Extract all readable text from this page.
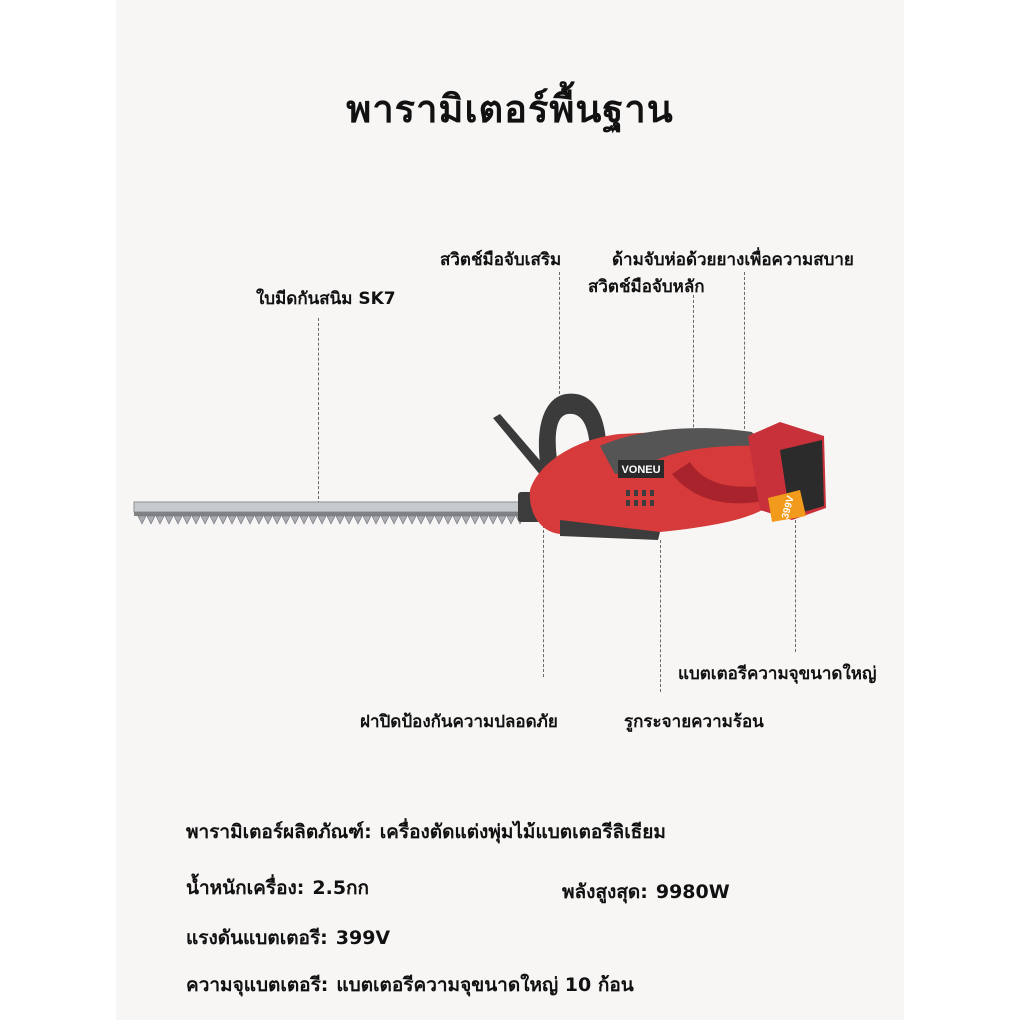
พารามิเตอร์พื้นฐาน
สวิตช์มือจับเสริม	ด้ามจับห่อด้วยยางเพื่อความสบาย
ใบมีดกันสนิม SK7
สวิตช์มือจับหลัก
แบตเตอรีความจุขนาดใหญ่
ฝาปิดป้องกันความปลอดภัย	รูกระจายความร้อน
VONEU
399V
พารามิเตอร์ผลิตภัณฑ์: เครื่องตัดแต่งพุ่มไม้แบตเตอรีลิเธียม
น้ำหนักเครื่อง: 2.5กก	พลังสูงสุด: 9980W
แรงดันแบตเตอรี: 399V
ความจุแบตเตอรี: แบตเตอรีความจุขนาดใหญ่ 10 ก้อน
